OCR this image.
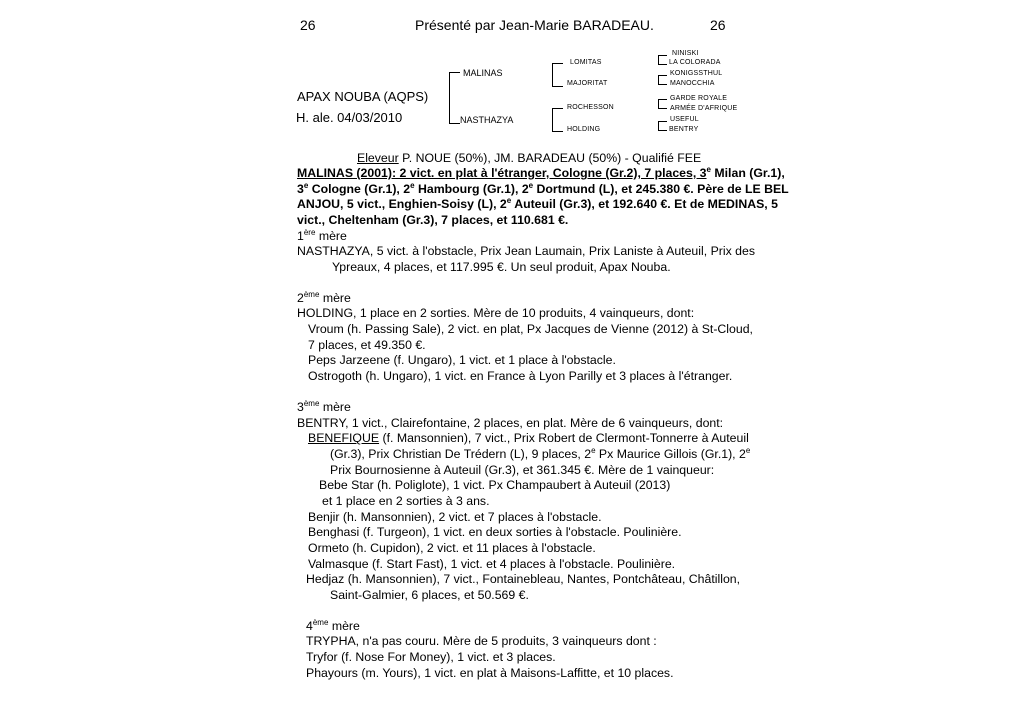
26	Présenté par Jean-Marie BARADEAU.	26
APAX NOUBA (AQPS)
H. ale. 04/03/2010
MALINAS
NASTHAZYA
LOMITAS
MAJORITAT
ROCHESSON
HOLDING
NINISKI
LA COLORADA
KONIGSSTHUL
MANOCCHIA
GARDE ROYALE
ARMÉE D'AFRIQUE
USEFUL
BENTRY
Eleveur P. NOUE (50%), JM. BARADEAU (50%) - Qualifié FEE
MALINAS (2001): 2 vict. en plat à l'étranger, Cologne (Gr.2), 7 places, 3e Milan (Gr.1),
3e Cologne (Gr.1), 2e Hambourg (Gr.1), 2e Dortmund (L), et 245.380 €. Père de LE BEL
ANJOU, 5 vict., Enghien-Soisy (L), 2e Auteuil (Gr.3), et 192.640 €. Et de MEDINAS, 5
vict., Cheltenham (Gr.3), 7 places, et 110.681 €.
1ère mère
NASTHAZYA, 5 vict. à l'obstacle, Prix Jean Laumain, Prix Laniste à Auteuil, Prix des
Ypreaux, 4 places, et 117.995 €. Un seul produit, Apax Nouba.
2ème mère
HOLDING, 1 place en 2 sorties. Mère de 10 produits, 4 vainqueurs, dont:
Vroum (h. Passing Sale), 2 vict. en plat, Px Jacques de Vienne (2012) à St-Cloud,
7 places, et 49.350 €.
Peps Jarzeene (f. Ungaro), 1 vict. et 1 place à l'obstacle.
Ostrogoth (h. Ungaro), 1 vict. en France à Lyon Parilly et 3 places à l'étranger.
3ème mère
BENTRY, 1 vict., Clairefontaine, 2 places, en plat. Mère de 6 vainqueurs, dont:
BENEFIQUE (f. Mansonnien), 7 vict., Prix Robert de Clermont-Tonnerre à Auteuil
(Gr.3), Prix Christian De Trédern (L), 9 places, 2e Px Maurice Gillois (Gr.1), 2e
Prix Bournosienne à Auteuil (Gr.3), et 361.345 €. Mère de 1 vainqueur:
Bebe Star (h. Poliglote), 1 vict. Px Champaubert à Auteuil (2013)
et 1 place en 2 sorties à 3 ans.
Benjir (h. Mansonnien), 2 vict. et 7 places à l'obstacle.
Benghasi (f. Turgeon), 1 vict. en deux sorties à l'obstacle. Poulinière.
Ormeto (h. Cupidon), 2 vict. et 11 places à l'obstacle.
Valmasque (f. Start Fast), 1 vict. et 4 places à l'obstacle. Poulinière.
Hedjaz (h. Mansonnien), 7 vict., Fontainebleau, Nantes, Pontchâteau, Châtillon,
Saint-Galmier, 6 places, et 50.569 €.
4ème mère
TRYPHA, n'a pas couru. Mère de 5 produits, 3 vainqueurs dont :
Tryfor (f. Nose For Money), 1 vict. et 3 places.
Phayours (m. Yours), 1 vict. en plat à Maisons-Laffitte, et 10 places.
